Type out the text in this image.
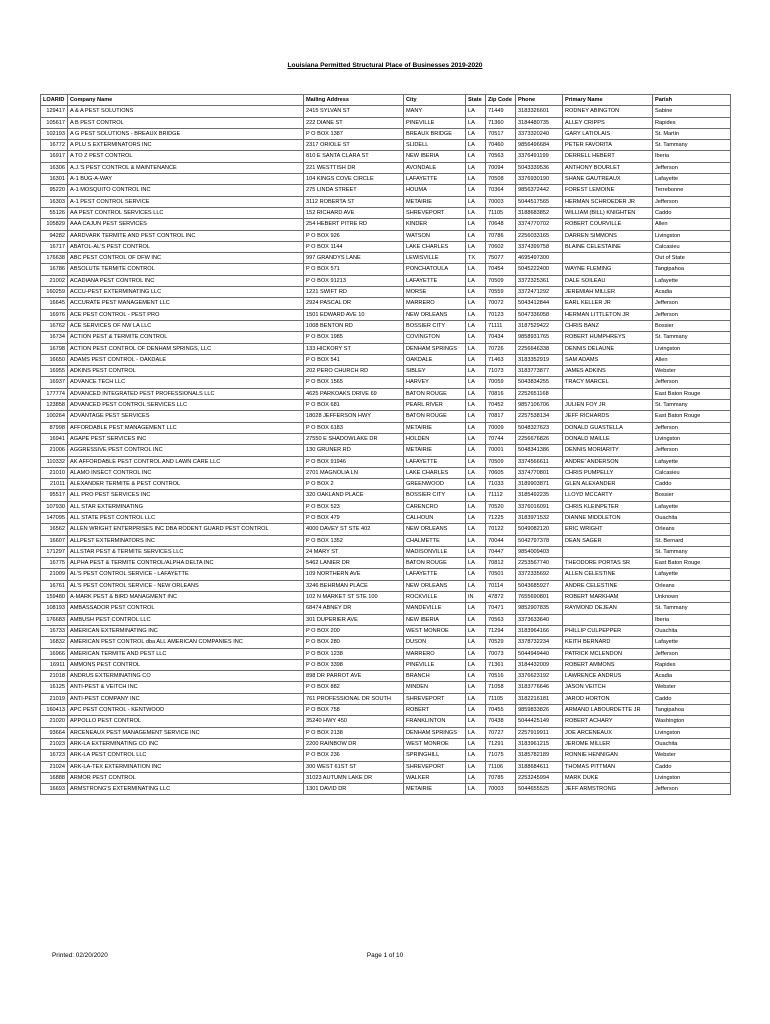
Louisiana Permitted Structural Place of Businesses 2019-2020
LOARID	Company Name	Mailing Address	City	State	Zip Code	Phone	Primary Name	Parish
129417	A & A PEST SOLUTIONS	2415 SYLVAN ST	MANY	LA	71449	3183326601	RODNEY ABINGTON	Sabine
105617	A B PEST CONTROL	222 DIANE ST	PINEVILLE	LA	71360	3184480735	ALLEY CRIPPS	Rapides
102193	A G PEST SOLUTIONS - BREAUX BRIDGE	P O BOX 1387	BREAUX BRIDGE	LA	70517	3373320240	GARY LATIOLAIS	St. Martin
16772	A PLU S EXTERMINATORS INC	2317 ORIOLE ST	SLIDELL	LA	70460	9856496684	PETER FAVORITA	St. Tammany
16917	A TO Z PEST CONTROL	810 E SANTA CLARA ST	NEW IBERIA	LA	70563	3376491199	DERRELL HEBERT	Iberia
16306	A.J.'S PEST CONTROL & MAINTENANCE	221 WESTTISH DR	AVONDALE	LA	70094	5043339536	ANTHONY BOURLET	Jefferson
16301	A-1 BUG-A-WAY	104 KINGS COVE CIRCLE	LAFAYETTE	LA	70508	3376930190	SHANE GAUTREAUX	Lafayette
95220	A-1 MOSQUITO CONTROL INC	275 LINDA STREET	HOUMA	LA	70364	9856372442	FOREST LEMOINE	Terrebonne
16303	A-1 PEST CONTROL SERVICE	3112 ROBERTA ST	METAIRIE	LA	70003	5044517565	HERMAN SCHROEDER JR	Jefferson
55126	AA PEST CONTROL SERVICES LLC	152 RICHARD AVE	SHREVEPORT	LA	71105	3188683852	WILLIAM (BILL) KNIGHTEN	Caddo
105829	AAA CAJUN PEST SERVICES	254 HEBERT PITRE RD	KINDER	LA	70648	3374770702	ROBERT COURVILLE	Allen
94282	AARDVARK TERMITE AND PEST CONTROL INC	P O BOX 926	WATSON	LA	70786	2256033165	DARREN SIMMONS	Livingston
16717	ABATOL-AL'S PEST CONTROL	P O BOX 1144	LAKE CHARLES	LA	70602	3374399758	BLAINE CELESTAINE	Calcasieu
176638	ABC PEST CONTROL OF DFW INC	997 GRANDYS LANE	LEWISVILLE	TX	75077	4695497300		Out of State
16786	ABSOLUTE TERMITE CONTROL	P O BOX 571	PONCHATOULA	LA	70454	5045222400	WAYNE FLEMING	Tangipahoa
21002	ACADIANA PEST CONTROL INC	P O BOX 91213	LAFAYETTE	LA	70509	3372325361	DALE SOILEAU	Lafayette
160259	ACCU-PEST EXTERMINATING LLC	1221 SWIFT RD	MORSE	LA	70559	3372471292	JEREMIAH MILLER	Acadia
16645	ACCURATE PEST MANAGEMENT LLC	2924 PASCAL DR	MARRERO	LA	70072	5043412844	EARL KELLER JR	Jefferson
16976	ACE PEST CONTROL - PEST PRO	1501 EDWARD AVE 10	NEW ORLEANS	LA	70123	5047336058	HERMAN LITTLETON JR	Jefferson
16762	ACE SERVICES OF NW LA LLC	1008 BENTON RD	BOSSIER CITY	LA	71111	3187529422	CHRIS BANZ	Bossier
16734	ACTION PEST & TERMITE CONTROL	P O BOX 1985	COVINGTON	LA	70434	9858931765	ROBERT HUMPHREYS	St. Tammany
16798	ACTION PEST CONTROL OF DENHAM SPRINGS, LLC	133 HICKORY ST	DENHAM SPRINGS	LA	70726	2256646338	DENNIS DELAUNE	Livingston
16650	ADAMS PEST CONTROL - OAKDALE	P O BOX 541	OAKDALE	LA	71463	3183352919	SAM ADAMS	Allen
16955	ADKINS PEST CONTROL	202 PERO CHURCH RD	SIBLEY	LA	71073	3183773877	JAMES ADKINS	Webster
16937	ADVANCE TECH LLC	P O BOX 1565	HARVEY	LA	70059	5043834255	TRACY MARCEL	Jefferson
177774	ADVANCED INTEGRATED PEST PROFESSIONALS LLC	4625 PARKOAKS DRIVE 69	BATON ROUGE	LA	70816	2252651168		East Baton Rouge
123858	ADVANCED PEST CONTROL SERVICES LLC	P O BOX 681	PEARL RIVER	LA	70452	9857106706	JULIEN FOY JR	St. Tammany
100264	ADVANTAGE PEST SERVICES	18028 JEFFERSON HWY	BATON ROUGE	LA	70817	2257538134	JEFF RICHARDS	East Baton Rouge
87998	AFFORDABLE PEST MANAGEMENT LLC	P O BOX 6183	METAIRIE	LA	70009	5048327623	DONALD GUASTELLA	Jefferson
16941	AGAPE PEST SERVICES INC	27550 E SHADOWLAKE DR	HOLDEN	LA	70744	2256676826	DONALD MAILLE	Livingston
21006	AGGRESSIVE PEST CONTROL INC	130 GRUNER RD	METAIRIE	LA	70001	5048341386	DENNIS MORIARITY	Jefferson
110332	AK AFFORDABLE PEST CONTROL AND LAWN CARE LLC	P O BOX 91946	LAFAYETTE	LA	70509	3374566611	ANDRE' ANDERSON	Lafayette
21010	ALAMO INSECT CONTROL INC	2701 MAGNOLIA LN	LAKE CHARLES	LA	70605	3374770801	CHRIS PUMPELLY	Calcasieu
21011	ALEXANDER TERMITE & PEST CONTROL	P O BOX 2	GREENWOOD	LA	71033	3189903871	GLEN ALEXANDER	Caddo
95517	ALL PRO PEST SERVICES INC	320 OAKLAND PLACE	BOSSIER CITY	LA	71112	3185492235	LLOYD MCCARTY	Bossier
107930	ALL STAR EXTERMINATING	P O BOX 523	CARENCRO	LA	70520	3376016091	CHRIS KLEINPETER	Lafayette
147095	ALL STATE PEST CONTROL LLC	P O BOX 479	CALHOUN	LA	71225	3183971532	DIANNE MIDDLETON	Ouachita
16562	ALLEN WRIGHT ENTERPRISES INC DBA RODENT GUARD PEST CONTROL	4000 DAVEY ST STE 402	NEW ORLEANS	LA	70122	5049082120	ERIC WRIGHT	Orleans
16607	ALLPEST EXTERMINATORS INC	P O BOX 1352	CHALMETTE	LA	70044	5042797378	DEAN SAGER	St. Bernard
171297	ALLSTAR PEST & TERMITE SERVICES LLC	24 MARY ST	MADISONVILLE	LA	70447	9854009403		St. Tammany
16775	ALPHA PEST & TERMITE CONTROL/ALPHA DELTA INC	5462 LANIER DR	BATON ROUGE	LA	70812	2253567740	THEODORE PORTAS SR	East Baton Rouge
21009	AL'S PEST CONTROL SERVICE - LAFAYETTE	109 NORTHERN AVE	LAFAYETTE	LA	70501	3372335692	ALLEN CELESTINE	Lafayette
16761	AL'S PEST CONTROL SERVICE - NEW ORLEANS	3246 BEHRMAN PLACE	NEW ORLEANS	LA	70114	5043685927	ANDRE CELESTINE	Orleans
159480	A-MARK PEST & BIRD MANAGMENT INC	102 N MARKET ST STE 100	ROCKVILLE	IN	47872	7655690801	ROBERT MARKHAM	Unknown
108193	AMBASSADOR PEST CONTROL	68474 ABNEY DR	MANDEVILLE	LA	70471	9852907835	RAYMOND DEJEAN	St. Tammany
176683	AMBUSH PEST CONTROL LLC	301 DUPERIER AVE	NEW IBERIA	LA	70563	3373633640		Iberia
16733	AMERICAN EXTERMINATING INC	P O BOX 200	WEST MONROE	LA	71294	3183964166	PHILLIP CULPEPPER	Ouachita
16832	AMERICAN PEST CONTROL dba ALL AMERICAN COMPANIES INC	P O BOX 280	DUSON	LA	70529	3378732234	KEITH BERNARD	Lafayette
16966	AMERICAN TERMITE AND PEST LLC	P O BOX 1238	MARRERO	LA	70073	5044949440	PATRICK MCLENDON	Jefferson
16911	AMMONS PEST CONTROL	P O BOX 3398	PINEVILLE	LA	71361	3184432009	ROBERT AMMONS	Rapides
21018	ANDRUS EXTERMINATING CO	898 DR PARROT AVE	BRANCH	LA	70516	3376623192	LAWRENCE ANDRUS	Acadia
16125	ANTI-PEST & VEITCH INC	P O BOX 882	MINDEN	LA	71058	3183776646	JASON VEITCH	Webster
21019	ANTI-PEST COMPANY INC	761 PROFESSIONAL DR SOUTH	SHREVEPORT	LA	71105	3182216181	JAROD HORTON	Caddo
160413	APC PEST CONTROL - KENTWOOD	P O BOX 758	ROBERT	LA	70455	9859833826	ARMAND LABOURDETTE JR	Tangipahoa
21020	APPOLLO PEST CONTROL	35240 HWY 450	FRANKLINTON	LA	70438	5044425149	ROBERT ACHARY	Washington
93664	ARCENEAUX PEST MANAGEMENT SERVICE INC	P O BOX 2138	DENHAM SPRINGS	LA	70727	2257919911	JOE ARCENEAUX	Livingston
21023	ARK-LA EXTERMINATING CO INC	2200 RAINBOW DR	WEST MONROE	LA	71291	3183961215	JEROME MILLER	Ouachita
16723	ARK-LA PEST CONTROL LLC	P O BOX 236	SPRINGHILL	LA	71075	3185782189	RONNIE HENNIGAN	Webster
21024	ARK-LA-TEX EXTERMINATION INC	300 WEST 61ST ST	SHREVEPORT	LA	71106	3188684611	THOMAS PITTMAN	Caddo
16888	ARMOR PEST CONTROL	31023 AUTUMN LAKE DR	WALKER	LA	70785	2253245994	MARK DUKE	Livingston
16693	ARMSTRONG'S EXTERMINATING LLC	1301 DAVID DR	METAIRIE	LA	70003	5044655525	JEFF ARMSTRONG	Jefferson
Printed: 02/20/2020	Page 1 of 10
